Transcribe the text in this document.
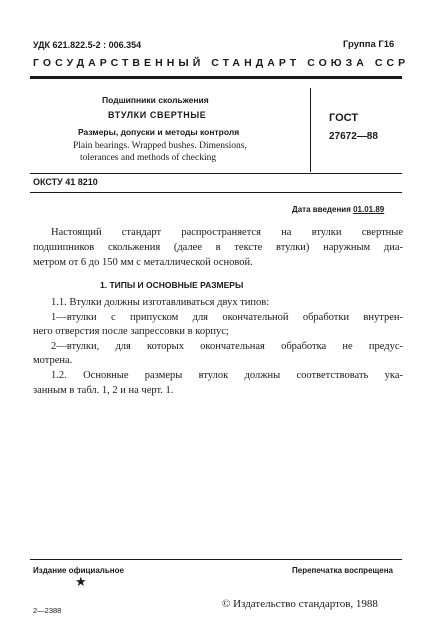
УДК 621.822.5-2 : 006.354	Группа Г16
ГОСУДАРСТВЕННЫЙ СТАНДАРТ СОЮЗА ССР
Подшипники скольжения
ВТУЛКИ СВЕРТНЫЕ
Размеры, допуски и методы контроля
Plain bearings. Wrapped bushes. Dimensions,
tolerances and methods of checking
ГОСТ
27672—88
ОКСТУ 41 8210
Дата введения 01.01.89
Настоящий стандарт распространяется на втулки свертные
подшипников скольжения (далее в тексте втулки) наружным диа-
метром от 6 до 150 мм с металлической основой.
1. ТИПЫ И ОСНОВНЫЕ РАЗМЕРЫ
1.1. Втулки должны изготавливаться двух типов:
1—втулки с припуском для окончательной обработки внутрен-
него отверстия после запрессовки в корпус;
2—втулки, для которых окончательная обработка не предус-
мотрена.
1.2. Основные размеры втулок должны соответствовать ука-
занным в табл. 1, 2 и на черт. 1.
Издание официальное	Перепечатка воспрещена
★
2—2388
© Издательство стандартов, 1988
